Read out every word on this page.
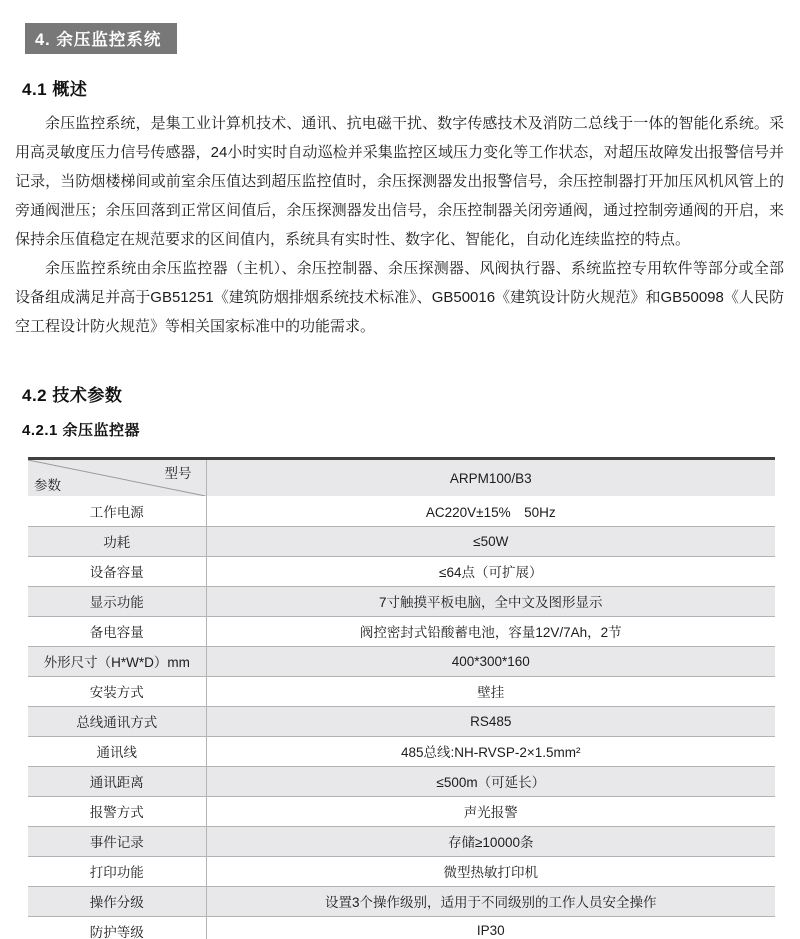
4. 余压监控系统
4.1 概述

余压监控系统，是集工业计算机技术、通讯、抗电磁干扰、数字传感技术及消防二总线于一体的智能化系统。采用高灵敏度压力信号传感器，24小时实时自动巡检并采集监控区域压力变化等工作状态，对超压故障发出报警信号并记录，当防烟楼梯间或前室余压值达到超压监控值时，余压探测器发出报警信号，余压控制器打开加压风机风管上的旁通阀泄压；余压回落到正常区间值后，余压探测器发出信号，余压控制器关闭旁通阀，通过控制旁通阀的开启，来保持余压值稳定在规范要求的区间值内，系统具有实时性、数字化、智能化，自动化连续监控的特点。

余压监控系统由余压监控器（主机）、余压控制器、余压探测器、风阀执行器、系统监控专用软件等部分或全部设备组成满足并高于GB51251《建筑防烟排烟系统技术标准》、GB50016《建筑设计防火规范》和GB50098《人民防空工程设计防火规范》等相关国家标准中的功能需求。

4.2 技术参数
4.2.1 余压监控器
型号
参数	ARPM100/B3
工作电源	AC220V±15%　50Hz
功耗	≤50W
设备容量	≤64点（可扩展）
显示功能	7寸触摸平板电脑，全中文及图形显示
备电容量	阀控密封式铅酸蓄电池，容量12V/7Ah，2节
外形尺寸（H*W*D）mm	400*300*160
安装方式	壁挂
总线通讯方式	RS485
通讯线	485总线:NH-RVSP-2×1.5mm²
通讯距离	≤500m（可延长）
报警方式	声光报警
事件记录	存储≥10000条
打印功能	微型热敏打印机
操作分级	设置3个操作级别，适用于不同级别的工作人员安全操作
防护等级	IP30
